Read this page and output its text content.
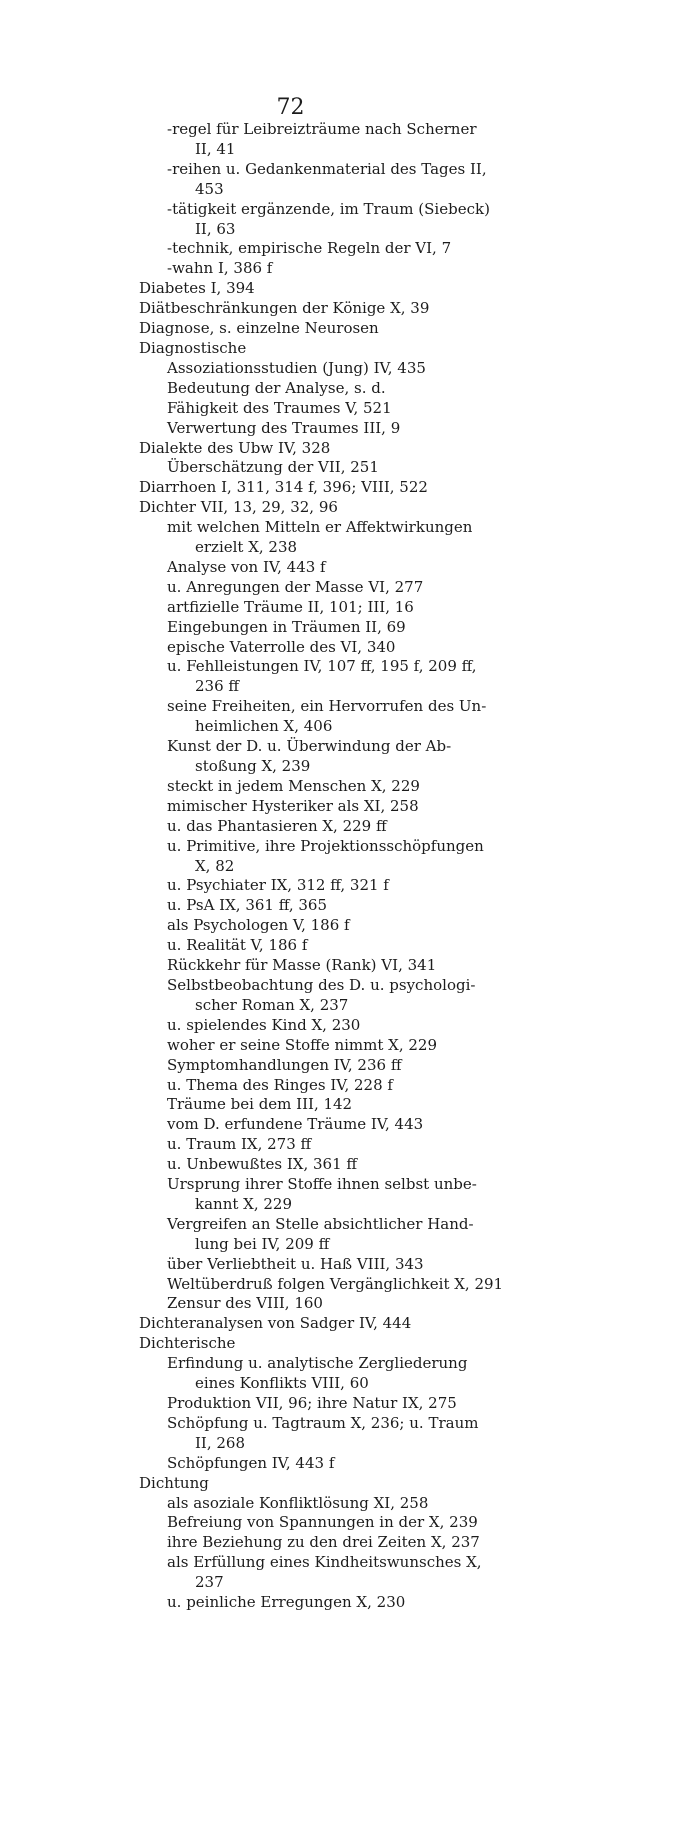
72
-regel für Leibreizträume nach Scherner
II, 41
-reihen u. Gedankenmaterial des Tages II,
453
-tätigkeit ergänzende, im Traum (Siebeck)
II, 63
-technik, empirische Regeln der VI, 7
-wahn I, 386 f
Diabetes I, 394
Diätbeschränkungen der Könige X, 39
Diagnose, s. einzelne Neurosen
Diagnostische
Assoziationsstudien (Jung) IV, 435
Bedeutung der Analyse, s. d.
Fähigkeit des Traumes V, 521
Verwertung des Traumes III, 9
Dialekte des Ubw IV, 328
Überschätzung der VII, 251
Diarrhoen I, 311, 314 f, 396; VIII, 522
Dichter VII, 13, 29, 32, 96
mit welchen Mitteln er Affektwirkungen
erzielt X, 238
Analyse von IV, 443 f
u. Anregungen der Masse VI, 277
artfizielle Träume II, 101; III, 16
Eingebungen in Träumen II, 69
epische Vaterrolle des VI, 340
u. Fehlleistungen IV, 107 ff, 195 f, 209 ff,
236 ff
seine Freiheiten, ein Hervorrufen des Un-
heimlichen X, 406
Kunst der D. u. Überwindung der Ab-
stoßung X, 239
steckt in jedem Menschen X, 229
mimischer Hysteriker als XI, 258
u. das Phantasieren X, 229 ff
u. Primitive, ihre Projektionsschöpfungen
X, 82
u. Psychiater IX, 312 ff, 321 f
u. PsA IX, 361 ff, 365
als Psychologen V, 186 f
u. Realität V, 186 f
Rückkehr für Masse (Rank) VI, 341
Selbstbeobachtung des D. u. psychologi-
scher Roman X, 237
u. spielendes Kind X, 230
woher er seine Stoffe nimmt X, 229
Symptomhandlungen IV, 236 ff
u. Thema des Ringes IV, 228 f
Träume bei dem III, 142
vom D. erfundene Träume IV, 443
u. Traum IX, 273 ff
u. Unbewußtes IX, 361 ff
Ursprung ihrer Stoffe ihnen selbst unbe-
kannt X, 229
Vergreifen an Stelle absichtlicher Hand-
lung bei IV, 209 ff
über Verliebtheit u. Haß VIII, 343
Weltüberdruß folgen Vergänglichkeit X, 291
Zensur des VIII, 160
Dichteranalysen von Sadger IV, 444
Dichterische
Erfindung u. analytische Zergliederung
eines Konflikts VIII, 60
Produktion VII, 96; ihre Natur IX, 275
Schöpfung u. Tagtraum X, 236; u. Traum
II, 268
Schöpfungen IV, 443 f
Dichtung
als asoziale Konfliktlösung XI, 258
Befreiung von Spannungen in der X, 239
ihre Beziehung zu den drei Zeiten X, 237
als Erfüllung eines Kindheitswunsches X,
237
u. peinliche Erregungen X, 230
